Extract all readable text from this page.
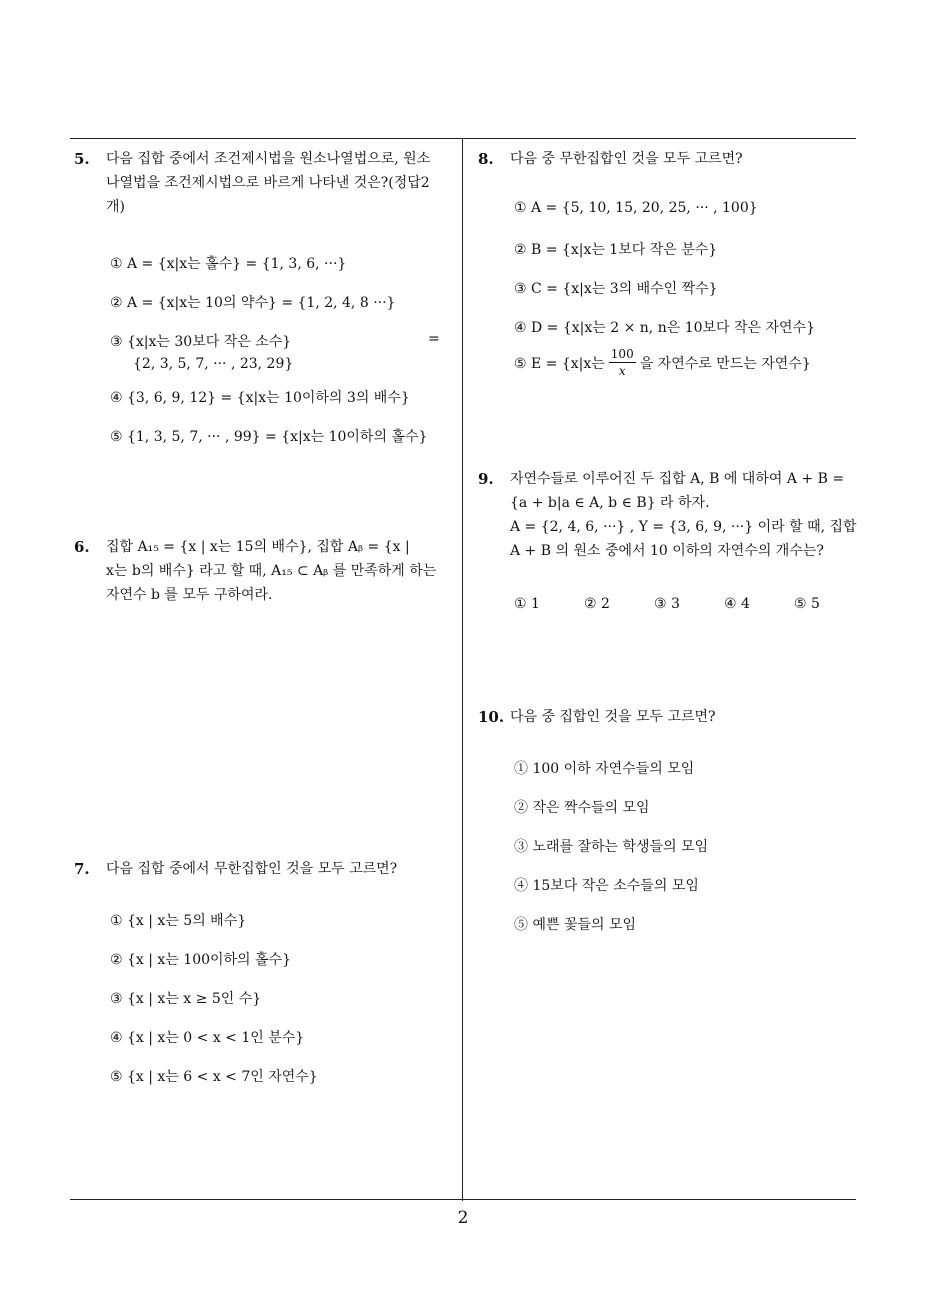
5. 다음 집합 중에서 조건제시법을 원소나열법으로, 원소
나열법을 조건제시법으로 바르게 나타낸 것은?(정답2
개)
① A = {x|x는 홀수} = {1, 3, 6, ···}
② A = {x|x는 10의 약수} = {1, 2, 4, 8 ···}
③ {x|x는 30보다 작은 소수}	=
{2, 3, 5, 7, ··· , 23, 29}
④ {3, 6, 9, 12} = {x|x는 10이하의 3의 배수}
⑤ {1, 3, 5, 7, ··· , 99} = {x|x는 10이하의 홀수}
6. 집합 A₁₅ = {x | x는 15의 배수}, 집합 Aᵦ = {x |
x는 b의 배수} 라고 할 때, A₁₅ ⊂ Aᵦ 를 만족하게 하는
자연수 b 를 모두 구하여라.
7. 다음 집합 중에서 무한집합인 것을 모두 고르면?
① {x | x는 5의 배수}
② {x | x는 100이하의 홀수}
③ {x | x는 x ≥ 5인 수}
④ {x | x는 0 < x < 1인 분수}
⑤ {x | x는 6 < x < 7인 자연수}
8. 다음 중 무한집합인 것을 모두 고르면?
① A = {5, 10, 15, 20, 25, ··· , 100}
② B = {x|x는 1보다 작은 분수}
③ C = {x|x는 3의 배수인 짝수}
④ D = {x|x는 2 × n, n은 10보다 작은 자연수}
⑤ E = {x|x는 $\frac{100}{x}$ 을 자연수로 만드는 자연수}
9. 자연수들로 이루어진 두 집합 A, B 에 대하여 A + B =
{a + b|a ∈ A, b ∈ B} 라 하자.
A = {2, 4, 6, ···} , Y = {3, 6, 9, ···} 이라 할 때, 집합
A + B 의 원소 중에서 10 이하의 자연수의 개수는?
① 1	② 2	③ 3	④ 4	⑤ 5
10. 다음 중 집합인 것을 모두 고르면?
① 100 이하 자연수들의 모임
② 작은 짝수들의 모임
③ 노래를 잘하는 학생들의 모임
④ 15보다 작은 소수들의 모임
⑤ 예쁜 꽃들의 모임
2
